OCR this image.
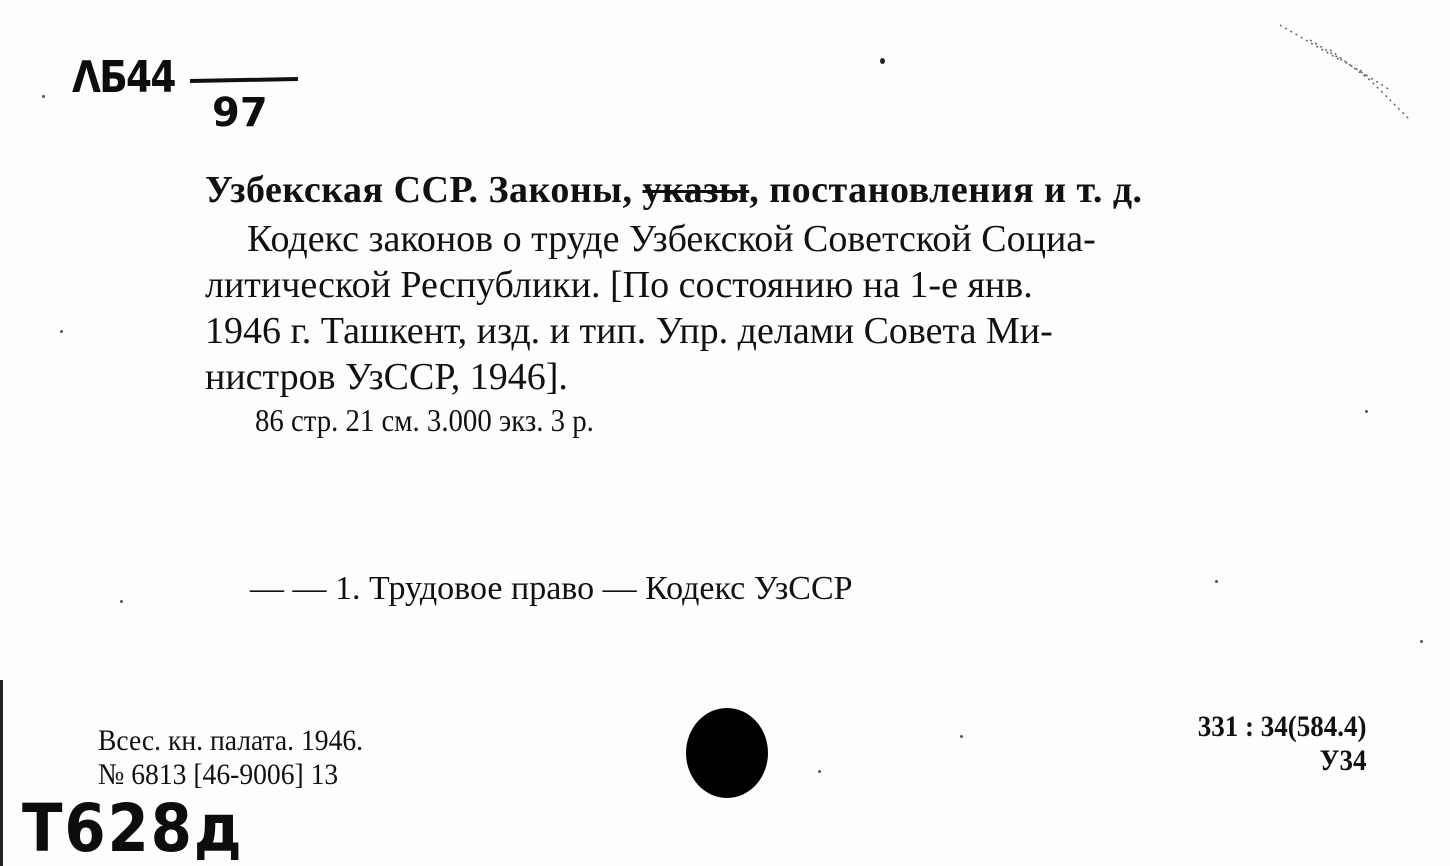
ΛБ44
97
Узбекская ССР. Законы, указы, постановления и т. д.
Кодекс законов о труде Узбекской Советской Социа-
литической Республики. [По состоянию на 1-е янв.
1946 г. Ташкент, изд. и тип. Упр. делами Совета Ми-
нистров УзССР, 1946].
86 стр. 21 см. 3.000 экз. 3 р.
— — 1. Трудовое право — Кодекс УзССР
Всес. кн. палата. 1946.
№ 6813 [46-9006] 13
331 : 34(584.4)
У34
Т628д
